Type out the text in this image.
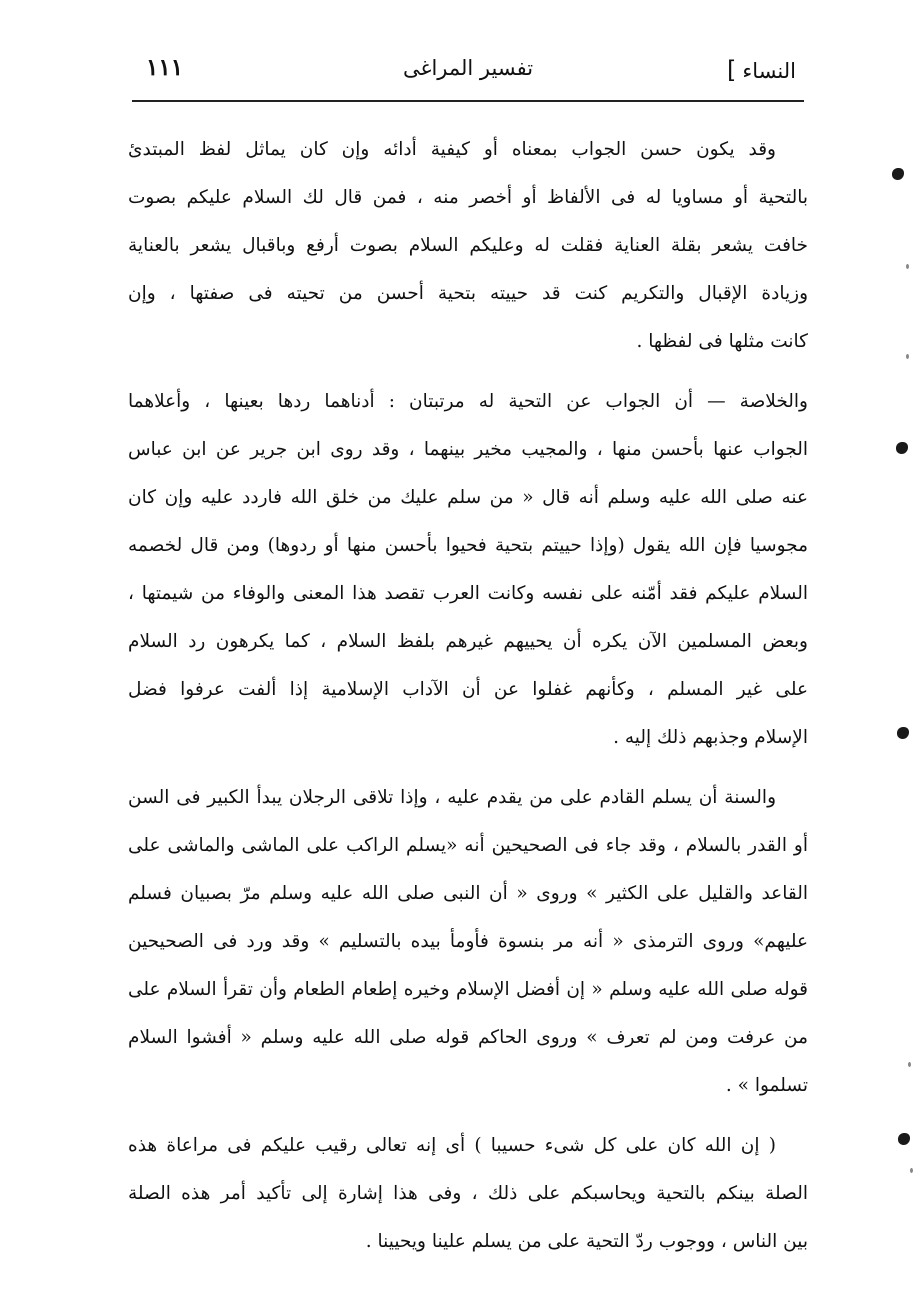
النساء]
تفسير المراغى
١١١
وقد يكون حسن الجواب بمعناه أو كيفية أدائه وإن كان يماثل لفظ المبتدئ
بالتحية أو مساويا له فى الألفاظ أو أخصر منه ، فمن قال لك السلام عليكم بصوت
خافت يشعر بقلة العناية فقلت له وعليكم السلام بصوت أرفع وباقبال يشعر بالعناية
وزيادة الإقبال والتكريم كنت قد حييته بتحية أحسن من تحيته فى صفتها ، وإن
كانت مثلها فى لفظها .
والخلاصة — أن الجواب عن التحية له مرتبتان : أدناهما ردها بعينها ، وأعلاهما
الجواب عنها بأحسن منها ، والمجيب مخير بينهما ، وقد روى ابن جرير عن ابن عباس
عنه صلى الله عليه وسلم أنه قال « من سلم عليك من خلق الله فاردد عليه وإن كان
مجوسيا فإن الله يقول (وإذا حييتم بتحية فحيوا بأحسن منها أو ردوها) ومن قال لخصمه
السلام عليكم فقد أمّنه على نفسه وكانت العرب تقصد هذا المعنى والوفاء من شيمتها ،
وبعض المسلمين الآن يكره أن يحييهم غيرهم بلفظ السلام ، كما يكرهون رد السلام
على غير المسلم ، وكأنهم غفلوا عن أن الآداب الإسلامية إذا ألفت عرفوا فضل
الإسلام وجذبهم ذلك إليه .
والسنة أن يسلم القادم على من يقدم عليه ، وإذا تلاقى الرجلان يبدأ الكبير فى السن
أو القدر بالسلام ، وقد جاء فى الصحيحين أنه «يسلم الراكب على الماشى والماشى على
القاعد والقليل على الكثير » وروى « أن النبى صلى الله عليه وسلم مرّ بصبيان فسلم
عليهم» وروى الترمذى « أنه مر بنسوة فأومأ بيده بالتسليم » وقد ورد فى الصحيحين
قوله صلى الله عليه وسلم « إن أفضل الإسلام وخيره إطعام الطعام وأن تقرأ السلام على
من عرفت ومن لم تعرف » وروى الحاكم قوله صلى الله عليه وسلم « أفشوا السلام
تسلموا » .
( إن الله كان على كل شىء حسيبا ) أى إنه تعالى رقيب عليكم فى مراعاة هذه
الصلة بينكم بالتحية ويحاسبكم على ذلك ، وفى هذا إشارة إلى تأكيد أمر هذه الصلة
بين الناس ، ووجوب ردّ التحية على من يسلم علينا ويحيينا .
